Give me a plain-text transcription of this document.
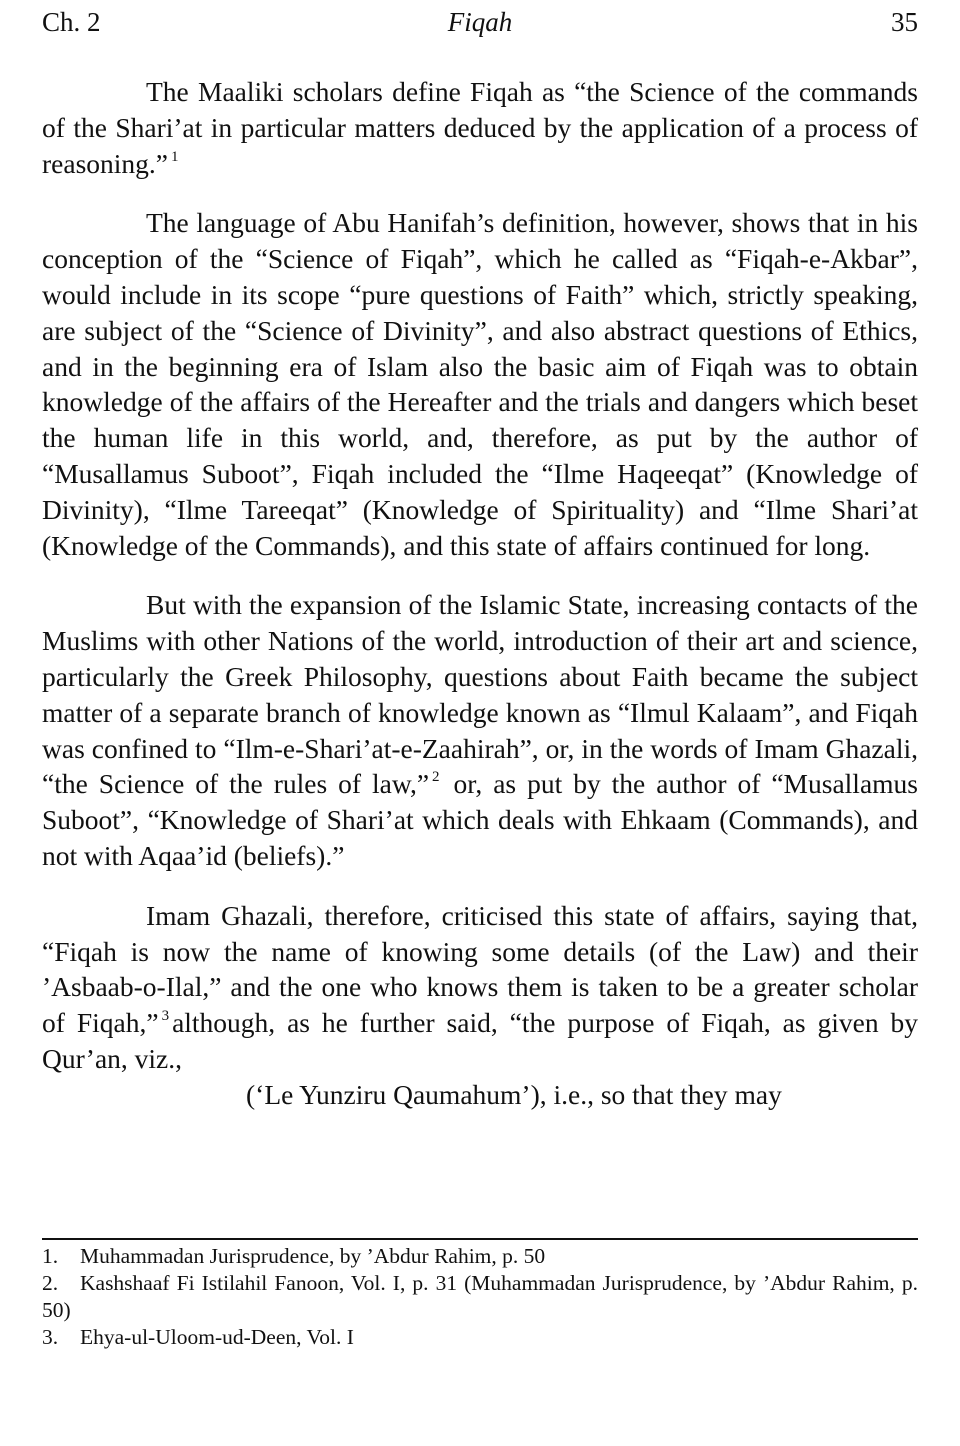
Ch. 2	Fiqah	35

The Maaliki scholars define Fiqah as “the Science of the commands of the Shari’at in particular matters deduced by the application of a process of reasoning.” $^1$

The language of Abu Hanifah’s definition, however, shows that in his conception of the “Science of Fiqah”, which he called as “Fiqah-e-Akbar”, would include in its scope “pure questions of Faith” which, strictly speaking, are subject of the “Science of Divinity”, and also abstract questions of Ethics, and in the beginning era of Islam also the basic aim of Fiqah was to obtain knowledge of the affairs of the Hereafter and the trials and dangers which beset the human life in this world, and, therefore, as put by the author of “Musallamus Suboot”, Fiqah included the “Ilme Haqeeqat” (Knowledge of Divinity), “Ilme Tareeqat” (Knowledge of Spirituality) and “Ilme Shari’at (Knowledge of the Commands), and this state of affairs continued for long.

But with the expansion of the Islamic State, increasing contacts of the Muslims with other Nations of the world, introduction of their art and science, particularly the Greek Philosophy, questions about Faith became the subject matter of a separate branch of knowledge known as “Ilmul Kalaam”, and Fiqah was confined to “Ilm-e-Shari’at-e-Zaahirah”, or, in the words of Imam Ghazali, “the Science of the rules of law,” $^2$ or, as put by the author of “Musallamus Suboot”, “Knowledge of Shari’at which deals with Ehkaam (Commands), and not with Aqaa’id (beliefs).”

Imam Ghazali, therefore, criticised this state of affairs, saying that, “Fiqah is now the name of knowing some details (of the Law) and their ’Asbaab-o-Ilal,” and the one who knows them is taken to be a greater scholar of Fiqah,” $^3$ although, as he further said, “the purpose of Fiqah, as given by Qur’an, viz.,

(‘Le Yunziru Qaumahum’), i.e., so that they may

1. Muhammadan Jurisprudence, by ’Abdur Rahim, p. 50

2. Kashshaaf Fi Istilahil Fanoon, Vol. I, p. 31 (Muhammadan Jurisprudence, by ’Abdur Rahim, p. 50)

3. Ehya-ul-Uloom-ud-Deen, Vol. I
